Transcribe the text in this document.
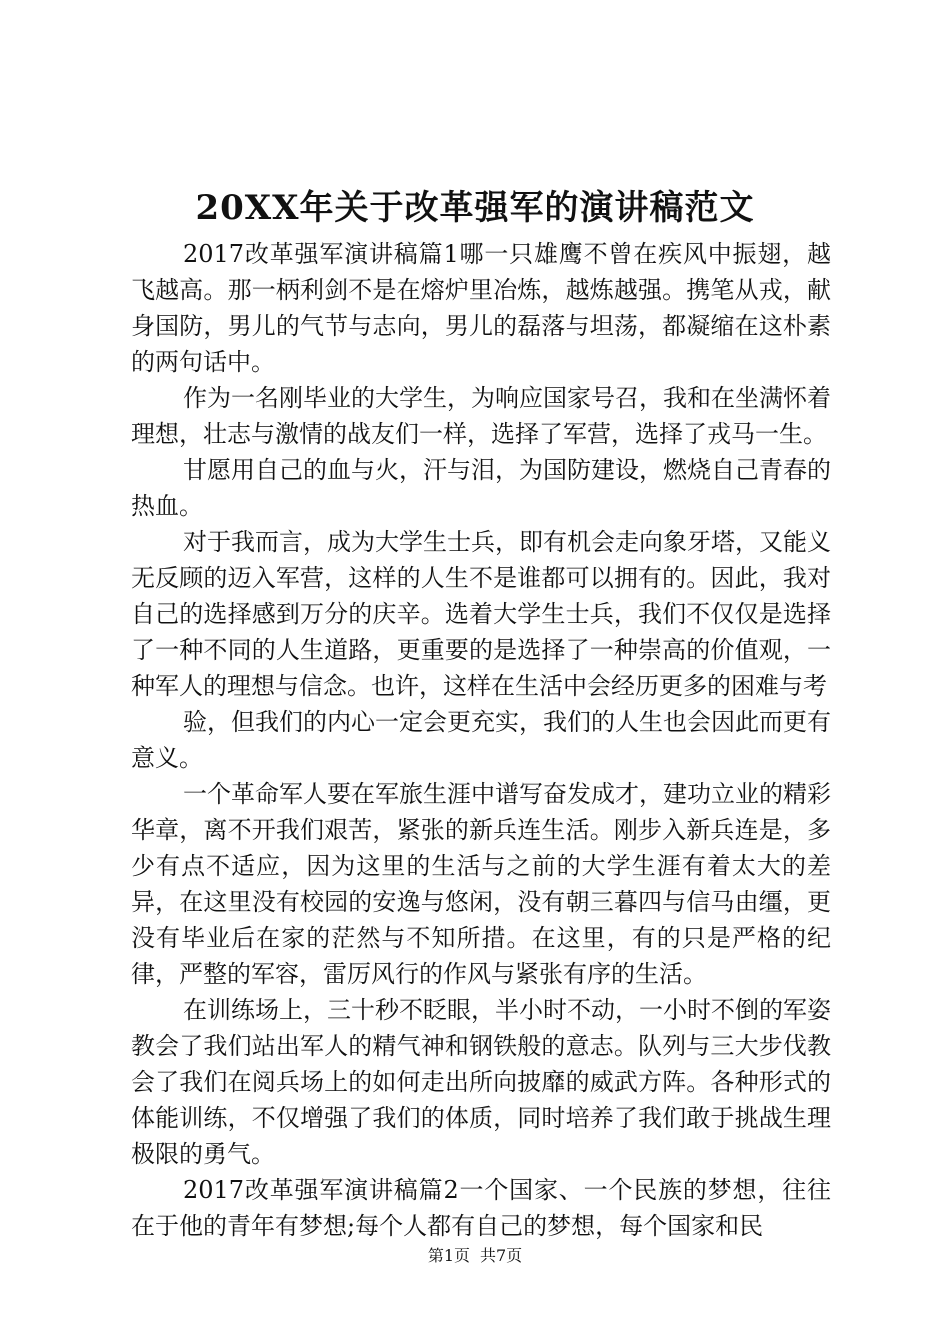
20XX年关于改革强军的演讲稿范文

2017改革强军演讲稿篇1哪一只雄鹰不曾在疾风中振翅，越飞越高。那一柄利剑不是在熔炉里冶炼，越炼越强。携笔从戎，献身国防，男儿的气节与志向，男儿的磊落与坦荡，都凝缩在这朴素的两句话中。

作为一名刚毕业的大学生，为响应国家号召，我和在坐满怀着理想，壮志与激情的战友们一样，选择了军营，选择了戎马一生。

甘愿用自己的血与火，汗与泪，为国防建设，燃烧自己青春的热血。

对于我而言，成为大学生士兵，即有机会走向象牙塔，又能义无反顾的迈入军营，这样的人生不是谁都可以拥有的。因此，我对自己的选择感到万分的庆辛。选着大学生士兵，我们不仅仅是选择了一种不同的人生道路，更重要的是选择了一种崇高的价值观，一种军人的理想与信念。也许，这样在生活中会经历更多的困难与考

验，但我们的内心一定会更充实，我们的人生也会因此而更有意义。

一个革命军人要在军旅生涯中谱写奋发成才，建功立业的精彩华章，离不开我们艰苦，紧张的新兵连生活。刚步入新兵连是，多少有点不适应，因为这里的生活与之前的大学生涯有着太大的差异，在这里没有校园的安逸与悠闲，没有朝三暮四与信马由缰，更没有毕业后在家的茫然与不知所措。在这里，有的只是严格的纪律，严整的军容，雷厉风行的作风与紧张有序的生活。

在训练场上，三十秒不眨眼，半小时不动，一小时不倒的军姿教会了我们站出军人的精气神和钢铁般的意志。队列与三大步伐教会了我们在阅兵场上的如何走出所向披靡的威武方阵。各种形式的体能训练，不仅增强了我们的体质，同时培养了我们敢于挑战生理极限的勇气。

2017改革强军演讲稿篇2一个国家、一个民族的梦想，往往在于他的青年有梦想;每个人都有自己的梦想，每个国家和民

第1页 共7页
